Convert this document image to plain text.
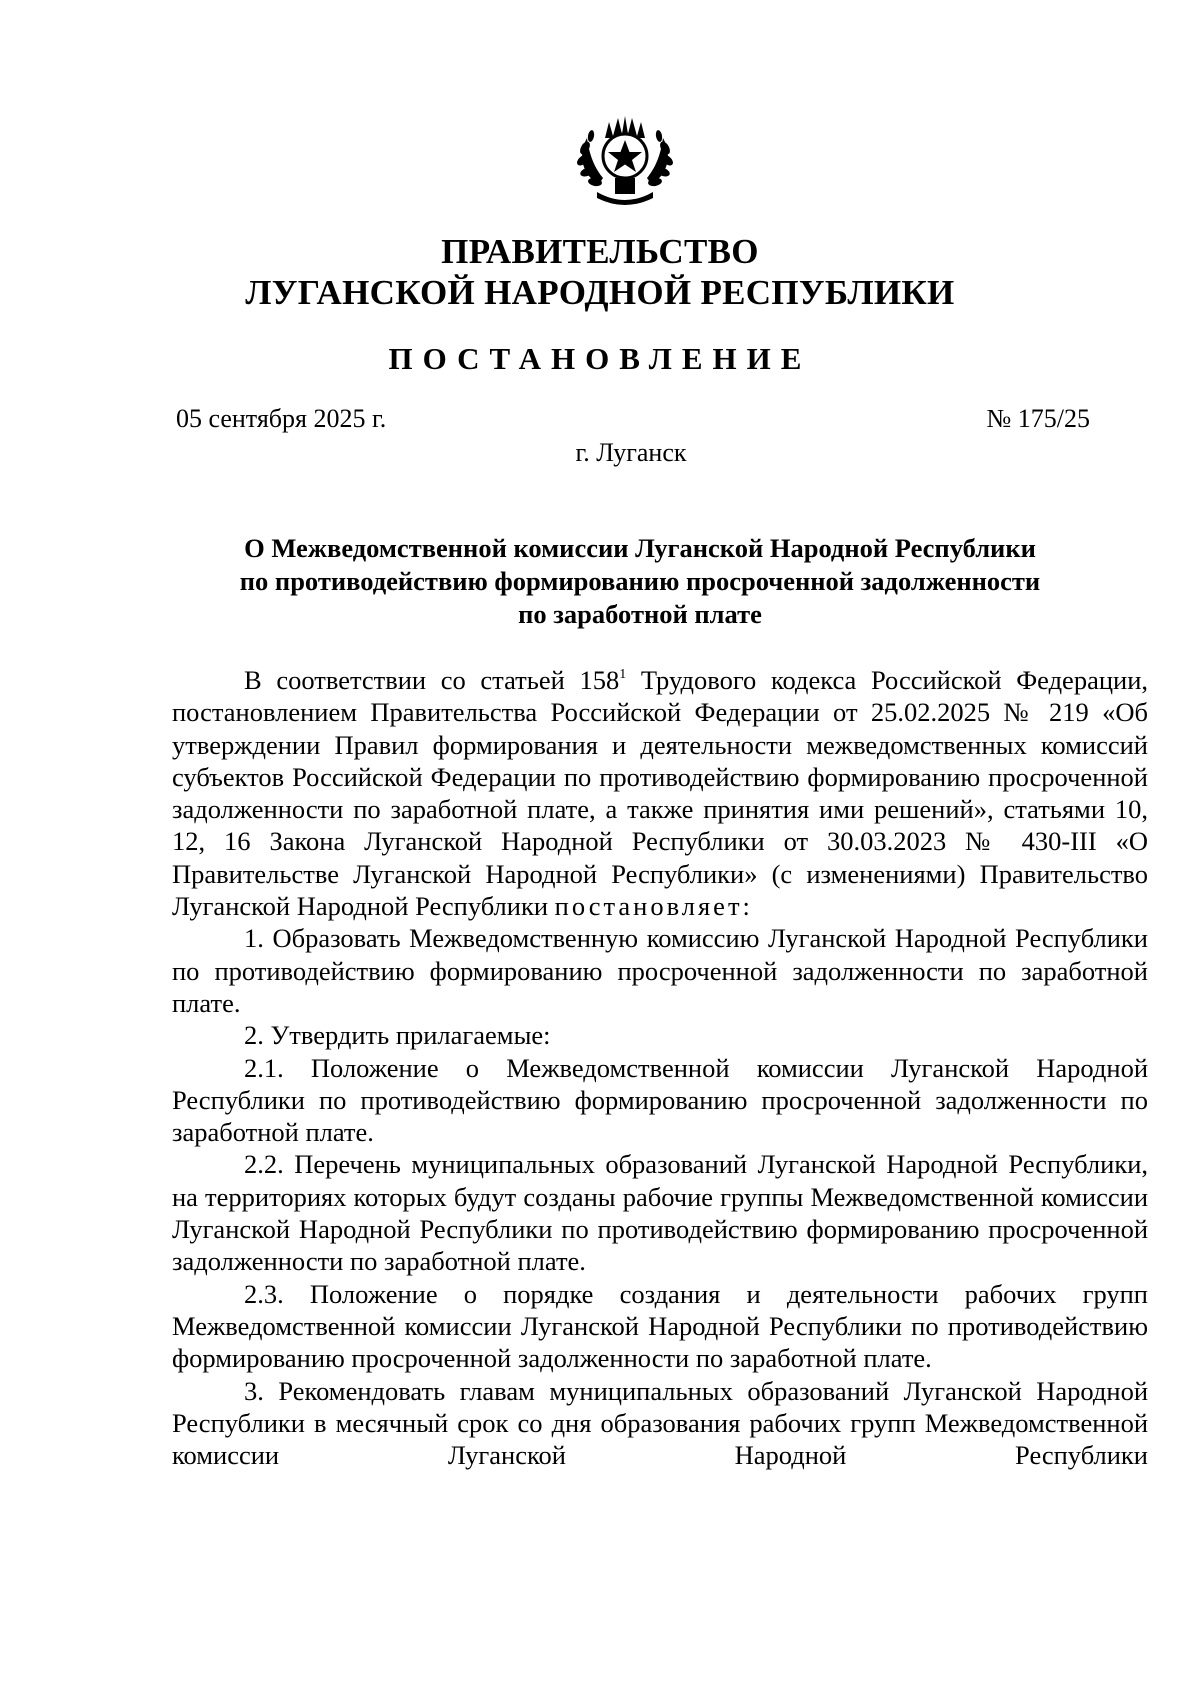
ПРАВИТЕЛЬСТВО
ЛУГАНСКОЙ НАРОДНОЙ РЕСПУБЛИКИ
ПОСТАНОВЛЕНИЕ
05 сентября 2025 г.	№ 175/25
г. Луганск
О Межведомственной комиссии Луганской Народной Республики
по противодействию формированию просроченной задолженности
по заработной плате

В соответствии со статьей $158^1$ Трудового кодекса Российской Федерации, постановлением Правительства Российской Федерации от 25.02.2025 № 219 «Об утверждении Правил формирования и деятельности межведомственных комиссий субъектов Российской Федерации по противодействию формированию просроченной задолженности по заработной плате, а также принятия ими решений», статьями 10, 12, 16 Закона Луганской Народной Республики от 30.03.2023 № 430-III «О Правительстве Луганской Народной Республики» (с изменениями) Правительство Луганской Народной Республики постановляет:

1. Образовать Межведомственную комиссию Луганской Народной Республики по противодействию формированию просроченной задолженности по заработной плате.

2. Утвердить прилагаемые:

2.1. Положение о Межведомственной комиссии Луганской Народной Республики по противодействию формированию просроченной задолженности по заработной плате.

2.2. Перечень муниципальных образований Луганской Народной Республики, на территориях которых будут созданы рабочие группы Межведомственной комиссии Луганской Народной Республики по противодействию формированию просроченной задолженности по заработной плате.

2.3. Положение о порядке создания и деятельности рабочих групп Межведомственной комиссии Луганской Народной Республики по противодействию формированию просроченной задолженности по заработной плате.

3. Рекомендовать главам муниципальных образований Луганской Народной Республики в месячный срок со дня образования рабочих групп Межведомственной комиссии Луганской Народной Республики
